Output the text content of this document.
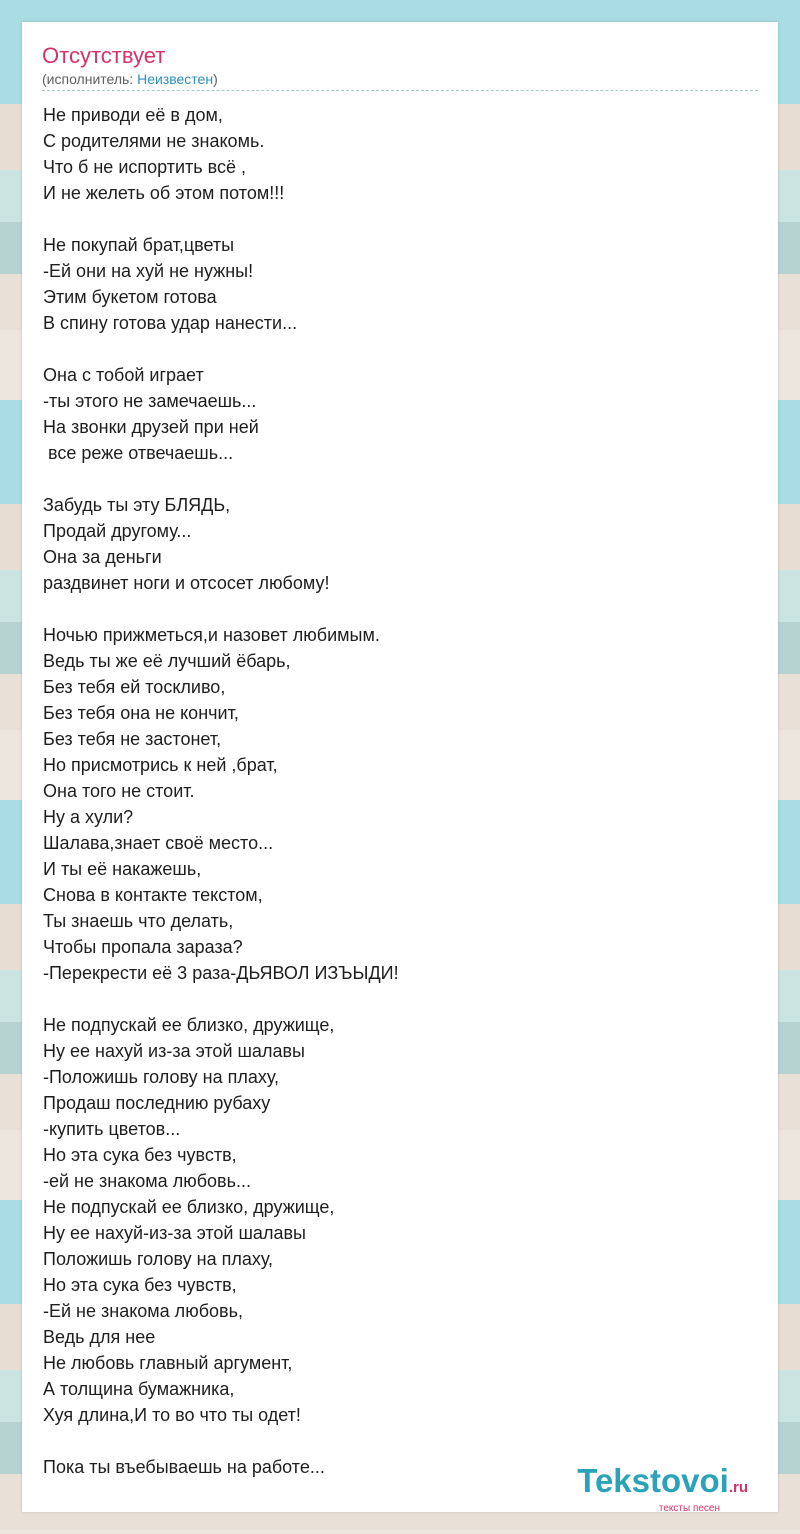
Отсутствует
(исполнитель: Неизвестен)
Не приводи её в дом,
С родителями не знакомь.
Что б не испортить всё ,
И не желеть об этом потом!!!
Не покупай брат,цветы
-Ей они на хуй не нужны!
Этим букетом готова
В спину готова удар нанести...
Она с тобой играет
-ты этого не замечаешь...
На звонки друзей при ней
все реже отвечаешь...
Забудь ты эту БЛЯДЬ,
Продай другому...
Она за деньги
раздвинет ноги и отсосет любому!
Ночью прижметься,и назовет любимым.
Ведь ты же её лучший ёбарь,
Без тебя ей тоскливо,
Без тебя она не кончит,
Без тебя не застонет,
Но присмотрись к ней ,брат,
Она того не стоит.
Ну а хули?
Шалава,знает своё место...
И ты её накажешь,
Снова в контакте текстом,
Ты знаешь что делать,
Чтобы пропала зараза?
-Перекрести её 3 раза-ДЬЯВОЛ ИЗЪЫДИ!
Не подпускай ее близко, дружище,
Ну ее нахуй из-за этой шалавы
-Положишь голову на плаху,
Продаш последнию рубаху
-купить цветов...
Но эта сука без чувств,
-ей не знакома любовь...
Не подпускай ее близко, дружище,
Ну ее нахуй-из-за этой шалавы
Положишь голову на плаху,
Но эта сука без чувств,
-Ей не знакома любовь,
Ведь для нее
Не любовь главный аргумент,
А толщина бумажника,
Хуя длина,И то во что ты одет!
Пока ты въебываешь на работе...	Tekstovoi.ru
тексты песен
